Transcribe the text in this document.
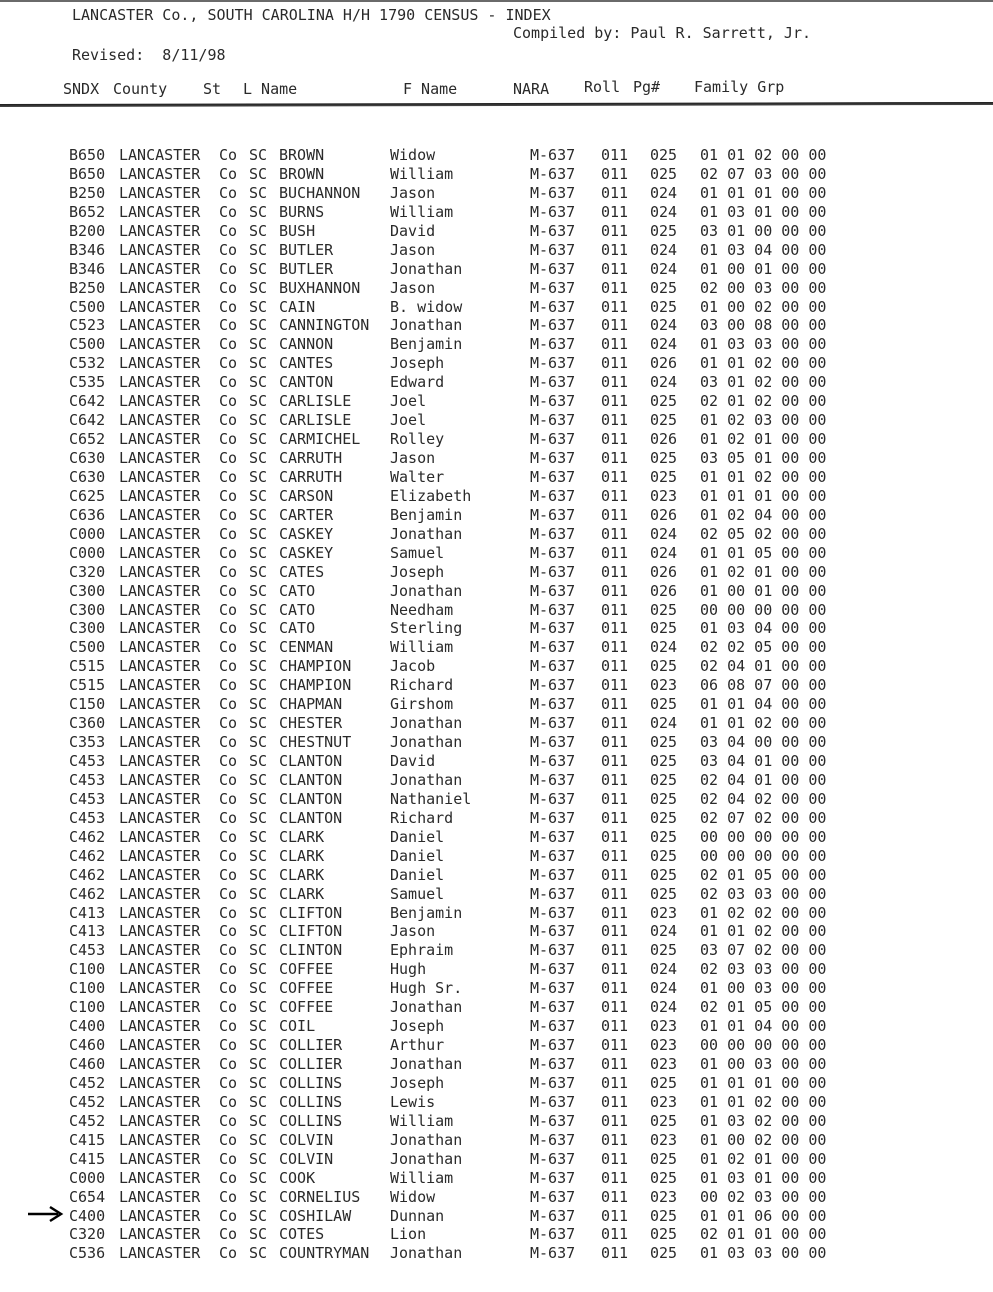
LANCASTER Co., SOUTH CAROLINA H/H 1790 CENSUS - INDEX
Compiled by: Paul R. Sarrett, Jr.
Revised:  8/11/98
SNDX County St L Name	F Name	NARA Roll Pg# Family Grp
B650 LANCASTER Co SC BROWN	Widow	M-637 011 025 01 01 02 00 00
B650 LANCASTER Co SC BROWN	William	M-637 011 025 02 07 03 00 00
B250 LANCASTER Co SC BUCHANNON Jason	M-637 011 024 01 01 01 00 00
B652 LANCASTER Co SC BURNS	William	M-637 011 024 01 03 01 00 00
B200 LANCASTER Co SC BUSH	David	M-637 011 025 03 01 00 00 00
B346 LANCASTER Co SC BUTLER	Jason	M-637 011 024 01 03 04 00 00
B346 LANCASTER Co SC BUTLER	Jonathan	M-637 011 024 01 00 01 00 00
B250 LANCASTER Co SC BUXHANNON Jason	M-637 011 025 02 00 03 00 00
C500 LANCASTER Co SC CAIN	B. widow	M-637 011 025 01 00 02 00 00
C523 LANCASTER Co SC CANNINGTON Jonathan	M-637 011 024 03 00 08 00 00
C500 LANCASTER Co SC CANNON	Benjamin	M-637 011 024 01 03 03 00 00
C532 LANCASTER Co SC CANTES	Joseph	M-637 011 026 01 01 02 00 00
C535 LANCASTER Co SC CANTON	Edward	M-637 011 024 03 01 02 00 00
C642 LANCASTER Co SC CARLISLE	Joel	M-637 011 025 02 01 02 00 00
C642 LANCASTER Co SC CARLISLE	Joel	M-637 011 025 01 02 03 00 00
C652 LANCASTER Co SC CARMICHEL Rolley	M-637 011 026 01 02 01 00 00
C630 LANCASTER Co SC CARRUTH	Jason	M-637 011 025 03 05 01 00 00
C630 LANCASTER Co SC CARRUTH	Walter	M-637 011 025 01 01 02 00 00
C625 LANCASTER Co SC CARSON	Elizabeth	M-637 011 023 01 01 01 00 00
C636 LANCASTER Co SC CARTER	Benjamin	M-637 011 026 01 02 04 00 00
C000 LANCASTER Co SC CASKEY	Jonathan	M-637 011 024 02 05 02 00 00
C000 LANCASTER Co SC CASKEY	Samuel	M-637 011 024 01 01 05 00 00
C320 LANCASTER Co SC CATES	Joseph	M-637 011 026 01 02 01 00 00
C300 LANCASTER Co SC CATO	Jonathan	M-637 011 026 01 00 01 00 00
C300 LANCASTER Co SC CATO	Needham	M-637 011 025 00 00 00 00 00
C300 LANCASTER Co SC CATO	Sterling	M-637 011 025 01 03 04 00 00
C500 LANCASTER Co SC CENMAN	William	M-637 011 024 02 02 05 00 00
C515 LANCASTER Co SC CHAMPION	Jacob	M-637 011 025 02 04 01 00 00
C515 LANCASTER Co SC CHAMPION	Richard	M-637 011 023 06 08 07 00 00
C150 LANCASTER Co SC CHAPMAN	Girshom	M-637 011 025 01 01 04 00 00
C360 LANCASTER Co SC CHESTER	Jonathan	M-637 011 024 01 01 02 00 00
C353 LANCASTER Co SC CHESTNUT	Jonathan	M-637 011 025 03 04 00 00 00
C453 LANCASTER Co SC CLANTON	David	M-637 011 025 03 04 01 00 00
C453 LANCASTER Co SC CLANTON	Jonathan	M-637 011 025 02 04 01 00 00
C453 LANCASTER Co SC CLANTON	Nathaniel	M-637 011 025 02 04 02 00 00
C453 LANCASTER Co SC CLANTON	Richard	M-637 011 025 02 07 02 00 00
C462 LANCASTER Co SC CLARK	Daniel	M-637 011 025 00 00 00 00 00
C462 LANCASTER Co SC CLARK	Daniel	M-637 011 025 00 00 00 00 00
C462 LANCASTER Co SC CLARK	Daniel	M-637 011 025 02 01 05 00 00
C462 LANCASTER Co SC CLARK	Samuel	M-637 011 025 02 03 03 00 00
C413 LANCASTER Co SC CLIFTON	Benjamin	M-637 011 023 01 02 02 00 00
C413 LANCASTER Co SC CLIFTON	Jason	M-637 011 024 01 01 02 00 00
C453 LANCASTER Co SC CLINTON	Ephraim	M-637 011 025 03 07 02 00 00
C100 LANCASTER Co SC COFFEE	Hugh	M-637 011 024 02 03 03 00 00
C100 LANCASTER Co SC COFFEE	Hugh Sr.	M-637 011 024 01 00 03 00 00
C100 LANCASTER Co SC COFFEE	Jonathan	M-637 011 024 02 01 05 00 00
C400 LANCASTER Co SC COIL	Joseph	M-637 011 023 01 01 04 00 00
C460 LANCASTER Co SC COLLIER	Arthur	M-637 011 023 00 00 00 00 00
C460 LANCASTER Co SC COLLIER	Jonathan	M-637 011 023 01 00 03 00 00
C452 LANCASTER Co SC COLLINS	Joseph	M-637 011 025 01 01 01 00 00
C452 LANCASTER Co SC COLLINS	Lewis	M-637 011 023 01 01 02 00 00
C452 LANCASTER Co SC COLLINS	William	M-637 011 025 01 03 02 00 00
C415 LANCASTER Co SC COLVIN	Jonathan	M-637 011 023 01 00 02 00 00
C415 LANCASTER Co SC COLVIN	Jonathan	M-637 011 025 01 02 01 00 00
C000 LANCASTER Co SC COOK	William	M-637 011 025 01 03 01 00 00
C654 LANCASTER Co SC CORNELIUS Widow	M-637 011 023 00 02 03 00 00
C400 LANCASTER Co SC COSHILAW	Dunnan	M-637 011 025 01 01 06 00 00
C320 LANCASTER Co SC COTES	Lion	M-637 011 025 02 01 01 00 00
C536 LANCASTER Co SC COUNTRYMAN Jonathan	M-637 011 025 01 03 03 00 00
